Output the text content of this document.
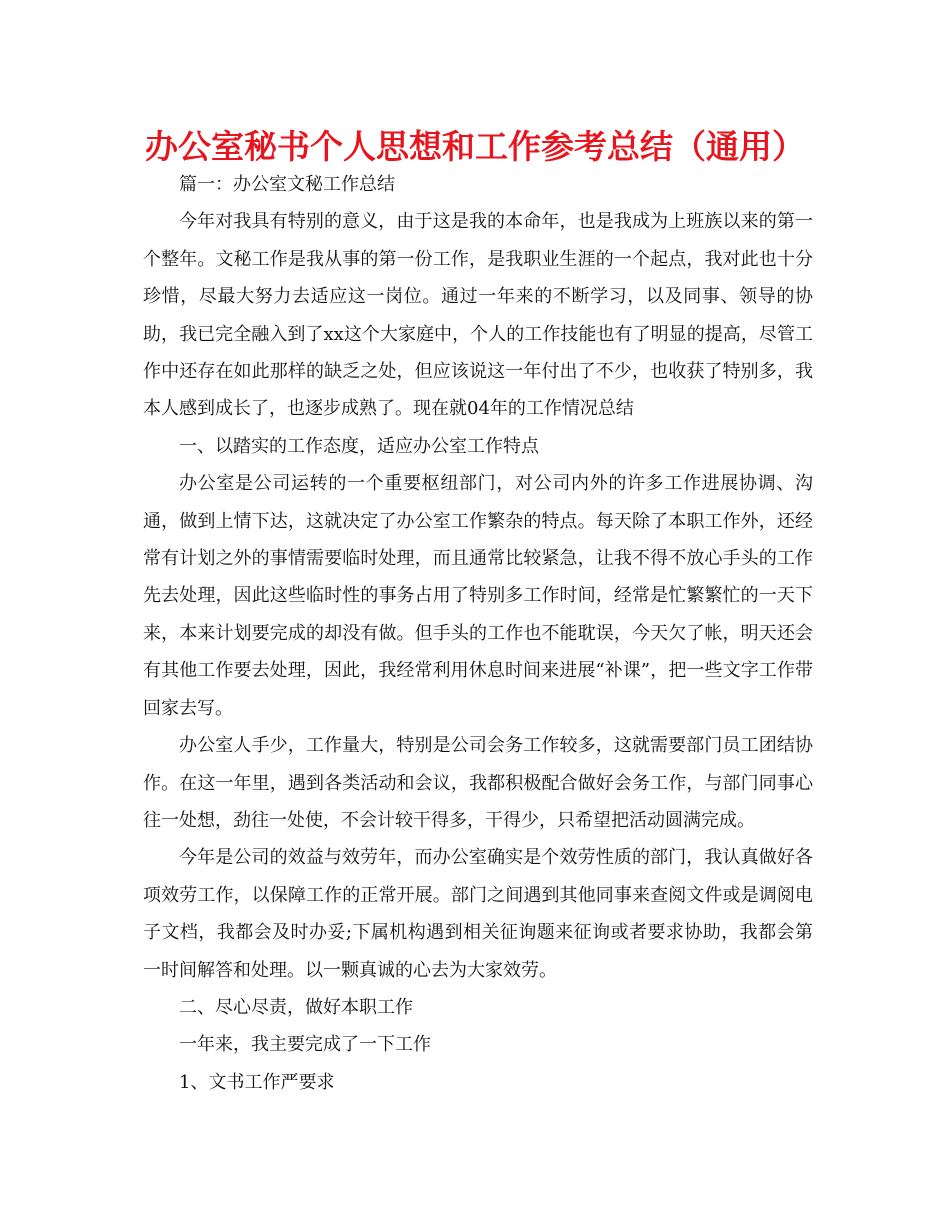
办公室秘书个人思想和工作参考总结（通用）

篇一：办公室文秘工作总结

今年对我具有特别的意义，由于这是我的本命年，也是我成为上班族以来的第一个整年。文秘工作是我从事的第一份工作，是我职业生涯的一个起点，我对此也十分珍惜，尽最大努力去适应这一岗位。通过一年来的不断学习，以及同事、领导的协助，我已完全融入到了xx这个大家庭中，个人的工作技能也有了明显的提高，尽管工作中还存在如此那样的缺乏之处，但应该说这一年付出了不少，也收获了特别多，我本人感到成长了，也逐步成熟了。现在就04年的工作情况总结

一、以踏实的工作态度，适应办公室工作特点

办公室是公司运转的一个重要枢纽部门，对公司内外的许多工作进展协调、沟通，做到上情下达，这就决定了办公室工作繁杂的特点。每天除了本职工作外，还经常有计划之外的事情需要临时处理，而且通常比较紧急，让我不得不放心手头的工作先去处理，因此这些临时性的事务占用了特别多工作时间，经常是忙繁繁忙的一天下来，本来计划要完成的却没有做。但手头的工作也不能耽误，今天欠了帐，明天还会有其他工作要去处理，因此，我经常利用休息时间来进展“补课”，把一些文字工作带回家去写。

办公室人手少，工作量大，特别是公司会务工作较多，这就需要部门员工团结协作。在这一年里，遇到各类活动和会议，我都积极配合做好会务工作，与部门同事心往一处想，劲往一处使，不会计较干得多，干得少，只希望把活动圆满完成。

今年是公司的效益与效劳年，而办公室确实是个效劳性质的部门，我认真做好各项效劳工作，以保障工作的正常开展。部门之间遇到其他同事来查阅文件或是调阅电子文档，我都会及时办妥;下属机构遇到相关征询题来征询或者要求协助，我都会第一时间解答和处理。以一颗真诚的心去为大家效劳。

二、尽心尽责，做好本职工作

一年来，我主要完成了一下工作

1、文书工作严要求
